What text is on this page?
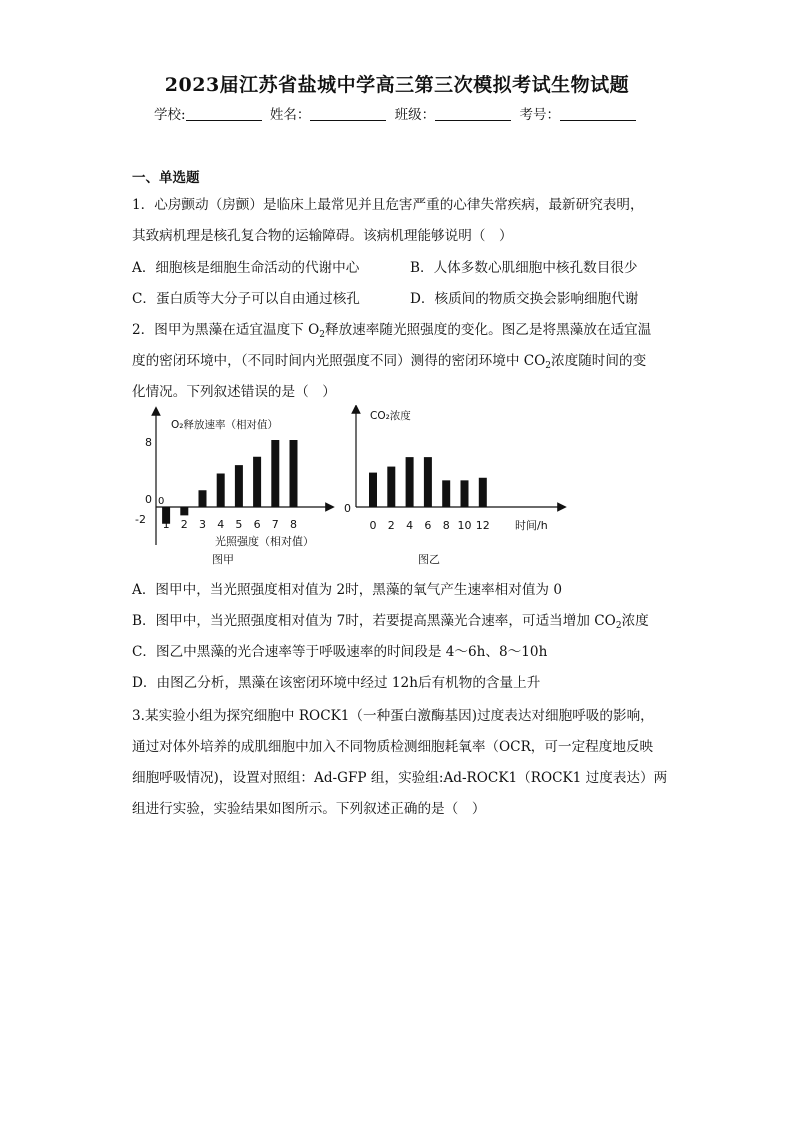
2023届江苏省盐城中学高三第三次模拟考试生物试题
学校:	姓名：	班级：	考号：
一、单选题
1．心房颤动（房颤）是临床上最常见并且危害严重的心律失常疾病，最新研究表明，
其致病机理是核孔复合物的运输障碍。该病机理能够说明（　）
A．细胞核是细胞生命活动的代谢中心	B．人体多数心肌细胞中核孔数目很少
C．蛋白质等大分子可以自由通过核孔	D．核质间的物质交换会影响细胞代谢
2．图甲为黑藻在适宜温度下 $O_2$释放速率随光照强度的变化。图乙是将黑藻放在适宜温
度的密闭环境中，（不同时间内光照强度不同）测得的密闭环境中 $CO_2$浓度随时间的变
化情况。下列叙述错误的是（　）
O₂释放速率（相对值）
8
0
-2
0
1 2 3 4 5 6 7 8
光照强度（相对值）
图甲
CO₂浓度
0
0 2 4 6 8 10 12 时间/h
图乙
A．图甲中，当光照强度相对值为 2时，黑藻的氧气产生速率相对值为 0
B．图甲中，当光照强度相对值为 7时，若要提高黑藻光合速率，可适当增加 $CO_2$浓度
C．图乙中黑藻的光合速率等于呼吸速率的时间段是 4～6h、8～10h
D．由图乙分析，黑藻在该密闭环境中经过 12h后有机物的含量上升
3.某实验小组为探究细胞中 ROCK1（一种蛋白激酶基因)过度表达对细胞呼吸的影响，
通过对体外培养的成肌细胞中加入不同物质检测细胞耗氧率（OCR，可一定程度地反映
细胞呼吸情况)，设置对照组：Ad-GFP 组，实验组:Ad-ROCK1（ROCK1 过度表达）两
组进行实验，实验结果如图所示。下列叙述正确的是（　）
